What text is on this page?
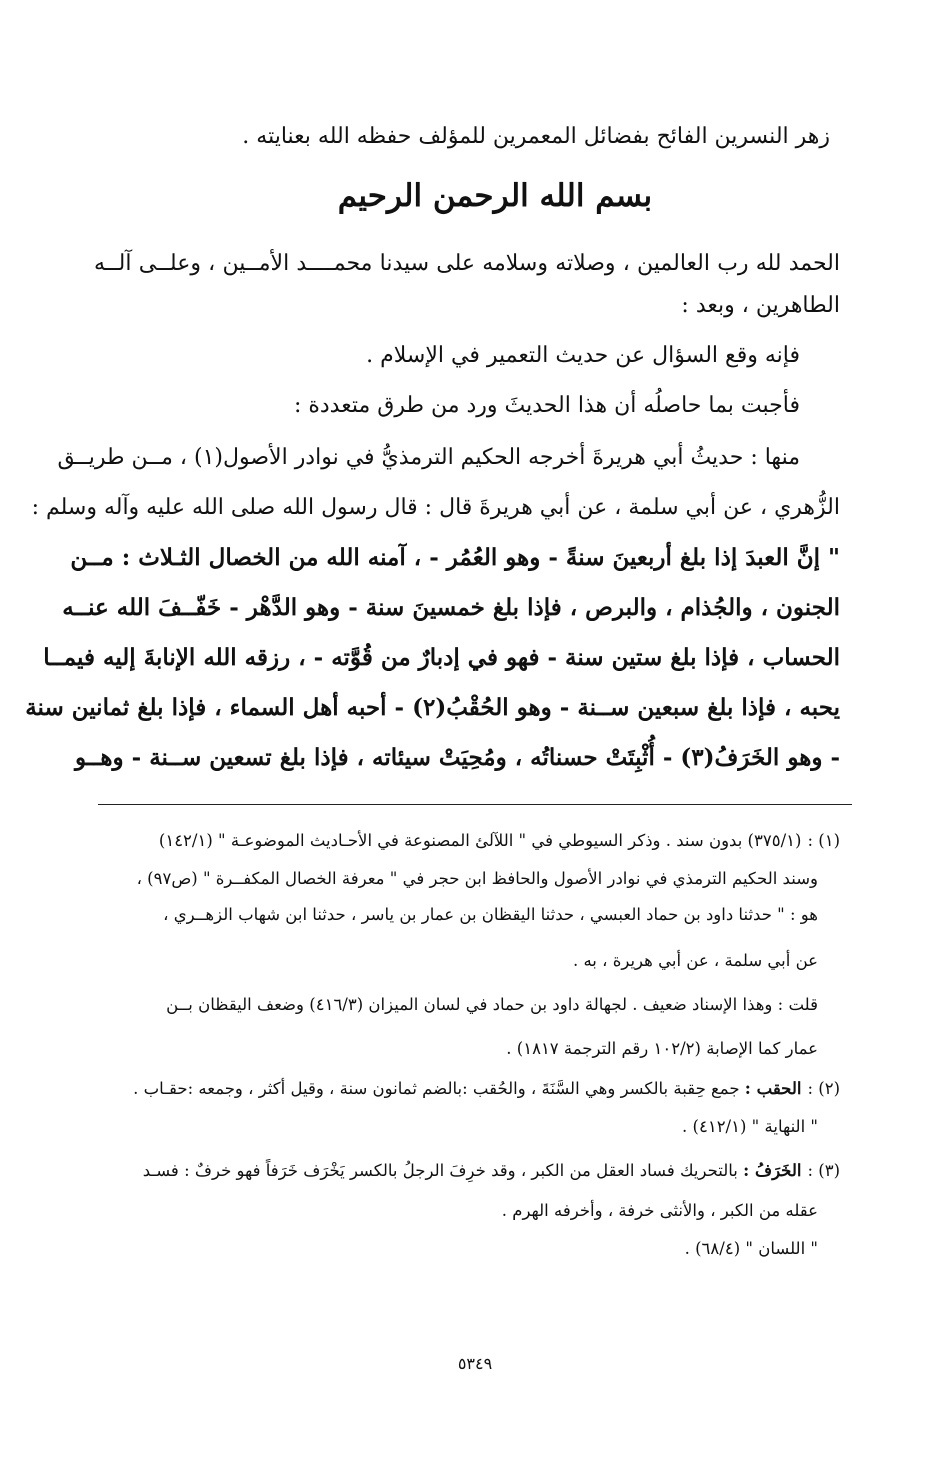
زهر النسرين الفائح بفضائل المعمرين للمؤلف حفظه الله بعنايته .
بسم الله الرحمن الرحيم
الحمد لله رب العالمين ، وصلاته وسلامه على سيدنا محمــــد الأمــين ، وعلــى آلــه
الطاهرين ، وبعد :
فإنه وقع السؤال عن حديث التعمير في الإسلام .
فأجبت بما حاصلُه أن هذا الحديثَ ورد من طرق متعددة :
منها : حديثُ أبي هريرةَ أخرجه الحكيم الترمذيُّ في نوادر الأصول(١) ، مــن طريــق
الزُّهري ، عن أبي سلمة ، عن أبي هريرةَ قال : قال رسول الله صلى الله عليه وآله وسلم :
" إنَّ العبدَ إذا بلغ أربعينَ سنةً - وهو العُمُر - ، آمنه الله من الخصال الثـلاث : مــن
الجنون ، والجُذام ، والبرص ، فإذا بلغ خمسينَ سنة - وهو الدَّهْر - خَفّــفَ الله عنــه
الحساب ، فإذا بلغ ستين سنة - فهو في إدبارٌ من قُوَّته - ، رزقه الله الإنابةَ إليه فيمــا
يحبه ، فإذا بلغ سبعين ســنة - وهو الحُقْبُ(٢) - أحبه أهل السماء ، فإذا بلغ ثمانين سنة
- وهو الخَرَفُ(٣) - أُثْبِتَتْ حسناتُه ، ومُحِيَتْ سيئاته ، فإذا بلغ تسعين ســنة - وهــو
(١) :(٣٧٥/١) بدون سند . وذكر السيوطي في " اللآلئ المصنوعة في الأحـاديث الموضوعـة " (١٤٢/١)
وسند الحكيم الترمذي في نوادر الأصول والحافظ ابن حجر في " معرفة الخصال المكفــرة " (ص٩٧) ،
هو : " حدثنا داود بن حماد العبسي ، حدثنا اليقظان بن عمار بن ياسر ، حدثنا ابن شهاب الزهــري ،
عن أبي سلمة ، عن أبي هريرة ، به .
قلت : وهذا الإسناد ضعيف . لجهالة داود بن حماد في لسان الميزان (٤١٦/٣) وضعف اليقظان بــن
عمار كما الإصابة (١٠٢/٢ رقم الترجمة ١٨١٧) .
(٢) :الحقب : جمع حِقبة بالكسر وهي السَّنَةَ ، والحُقب :بالضم ثمانون سنة ، وقيل أكثر ، وجمعه :حقـاب .
" النهاية " (٤١٢/١) .
(٣) :الخَرَفُ : بالتحريك فساد العقل من الكبر ، وقد خرِفَ الرجلُ بالكسر يَخْرَف خَرَفاً فهو خرفٌ : فسـد
عقله من الكبر ، والأنثى خرفة ، وأخرفه الهرم .
" اللسان " (٦٨/٤) .
٥٣٤٩
